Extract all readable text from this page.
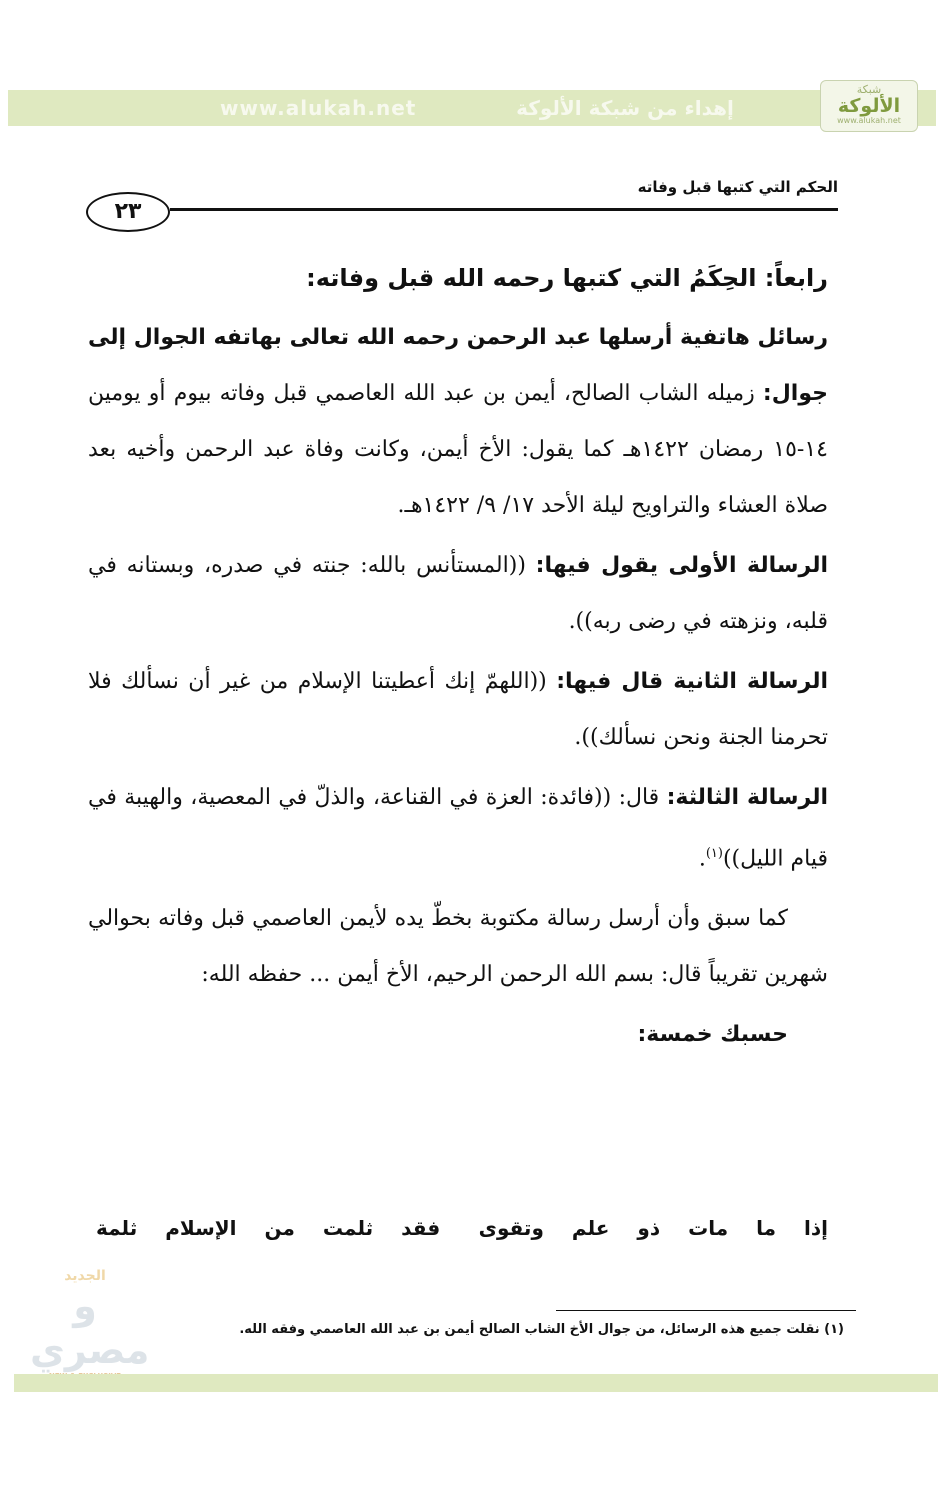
www.alukah.net	إهداء من شبكة الألوكة
شبكة
الألوكة
www.alukah.net
الحكم التي كتبها قبل وفاته
٢٣

رابعاً: الحِكَمُ التي كتبها رحمه الله قبل وفاته:

رسائل هاتفية أرسلها عبد الرحمن رحمه الله تعالى بهاتفه الجوال إلى جوال: زميله الشاب الصالح، أيمن بن عبد الله العاصمي قبل وفاته بيوم أو يومين ١٤-١٥ رمضان ١٤٢٢هـ كما يقول: الأخ أيمن، وكانت وفاة عبد الرحمن وأخيه بعد صلاة العشاء والتراويح ليلة الأحد ١٧/ ٩/ ١٤٢٢هـ.

الرسالة الأولى يقول فيها: ((المستأنس بالله: جنته في صدره، وبستانه في قلبه، ونزهته في رضى ربه)).

الرسالة الثانية قال فيها: ((اللهمّ إنك أعطيتنا الإسلام من غير أن نسألك فلا تحرمنا الجنة ونحن نسألك)).

الرسالة الثالثة: قال: ((فائدة: العزة في القناعة، والذلّ في المعصية، والهيبة في قيام الليل))$^{(١)}$.

كما سبق وأن أرسل رسالة مكتوبة بخطّ يده لأيمن العاصمي قبل وفاته بحوالي شهرين تقريباً قال: بسم الله الرحمن الرحيم، الأخ أيمن ... حفظه الله:

حسبك خمسة:

إذا
ما
مات
ذو
علم
وتقوى
فقد
ثلمت
من
الإسلام
ثلمة
الجديد
و مصري	(١) نقلت جميع هذه الرسائل، من جوال الأخ الشاب الصالح أيمن بن عبد الله العاصمي وفقه الله.
